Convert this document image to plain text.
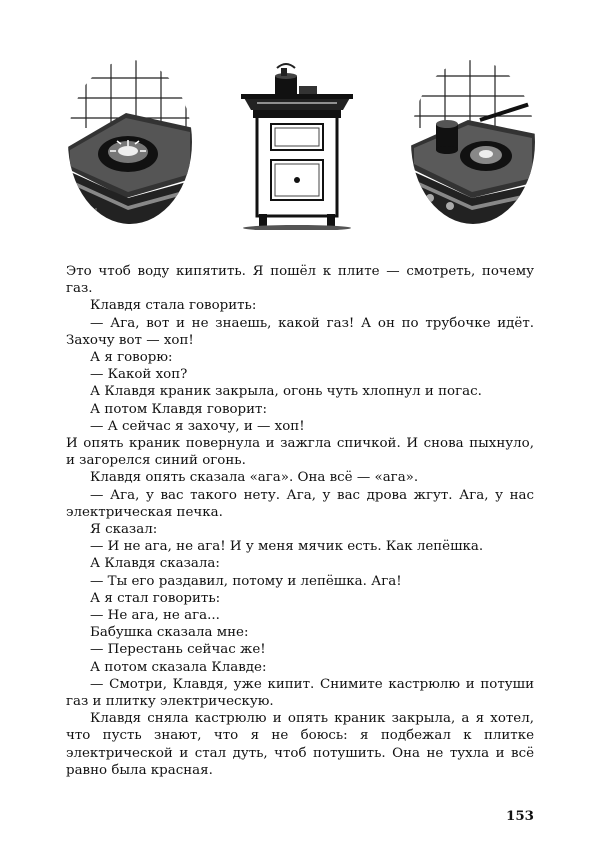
Это чтоб воду кипятить. Я пошёл к плите — смотреть, почему газ.

Клавдя стала говорить:

— Ага, вот и не знаешь, какой газ! А он по трубочке идёт. Захочу вот — хоп!

А я говорю:

— Какой хоп?

А Клавдя краник закрыла, огонь чуть хлопнул и погас.

А потом Клавдя говорит:

— А сейчас я захочу, и — хоп!

И опять краник повернула и зажгла спичкой. И снова пыхнуло, и загорелся синий огонь.

Клавдя опять сказала «ага». Она всё — «ага».

— Ага, у вас такого нету. Ага, у вас дрова жгут. Ага, у нас электрическая печка.

Я сказал:

— И не ага, не ага! И у меня мячик есть. Как лепёшка.

А Клавдя сказала:

— Ты его раздавил, потому и лепёшка. Ага!

А я стал говорить:

— Не ага, не ага...

Бабушка сказала мне:

— Перестань сейчас же!

А потом сказала Клавде:

— Смотри, Клавдя, уже кипит. Снимите кастрюлю и потуши газ и плитку электрическую.

Клавдя сняла кастрюлю и опять краник закрыла, а я хотел, что пусть знают, что я не боюсь: я подбежал к плитке электрической и стал дуть, чтоб потушить. Она не тухла и всё равно была красная.

153
